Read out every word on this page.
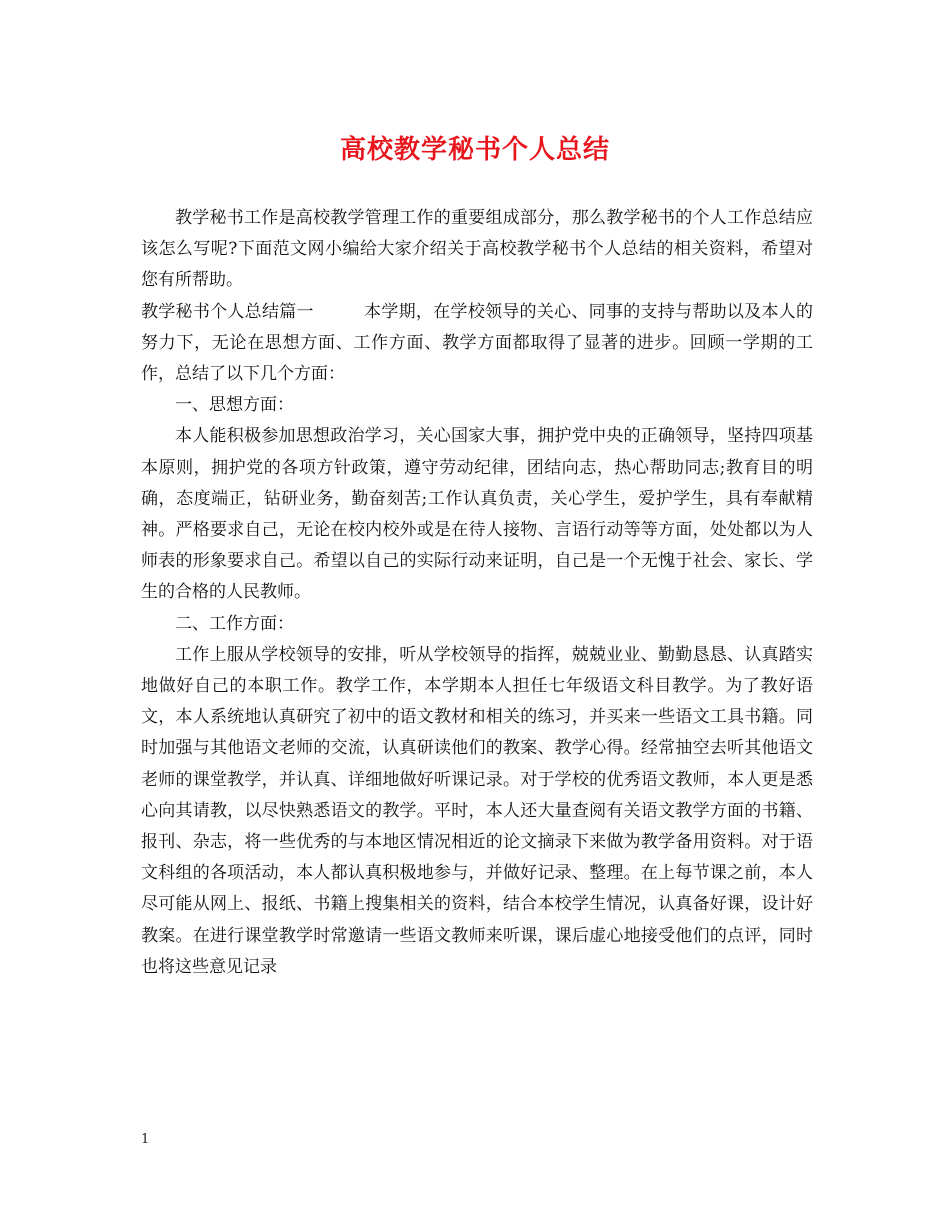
高校教学秘书个人总结

教学秘书工作是高校教学管理工作的重要组成部分，那么教学秘书的个人工作总结应该怎么写呢?下面范文网小编给大家介绍关于高校教学秘书个人总结的相关资料，希望对您有所帮助。

教学秘书个人总结篇一	本学期，在学校领导的关心、同事的支持与帮助以及本人的努力下，无论在思想方面、工作方面、教学方面都取得了显著的进步。回顾一学期的工作，总结了以下几个方面：

一、思想方面：

本人能积极参加思想政治学习，关心国家大事，拥护党中央的正确领导，坚持四项基本原则，拥护党的各项方针政策，遵守劳动纪律，团结向志，热心帮助同志;教育目的明确，态度端正，钻研业务，勤奋刻苦;工作认真负责，关心学生，爱护学生，具有奉献精神。严格要求自己，无论在校内校外或是在待人接物、言语行动等等方面，处处都以为人师表的形象要求自己。希望以自己的实际行动来证明，自己是一个无愧于社会、家长、学生的合格的人民教师。

二、工作方面：

工作上服从学校领导的安排，听从学校领导的指挥，兢兢业业、勤勤恳恳、认真踏实地做好自己的本职工作。教学工作，本学期本人担任七年级语文科目教学。为了教好语文，本人系统地认真研究了初中的语文教材和相关的练习，并买来一些语文工具书籍。同时加强与其他语文老师的交流，认真研读他们的教案、教学心得。经常抽空去听其他语文老师的课堂教学，并认真、详细地做好听课记录。对于学校的优秀语文教师，本人更是悉心向其请教，以尽快熟悉语文的教学。平时，本人还大量查阅有关语文教学方面的书籍、报刊、杂志，将一些优秀的与本地区情况相近的论文摘录下来做为教学备用资料。对于语文科组的各项活动，本人都认真积极地参与，并做好记录、整理。在上每节课之前，本人尽可能从网上、报纸、书籍上搜集相关的资料，结合本校学生情况，认真备好课，设计好教案。在进行课堂教学时常邀请一些语文教师来听课，课后虚心地接受他们的点评，同时也将这些意见记录

1
